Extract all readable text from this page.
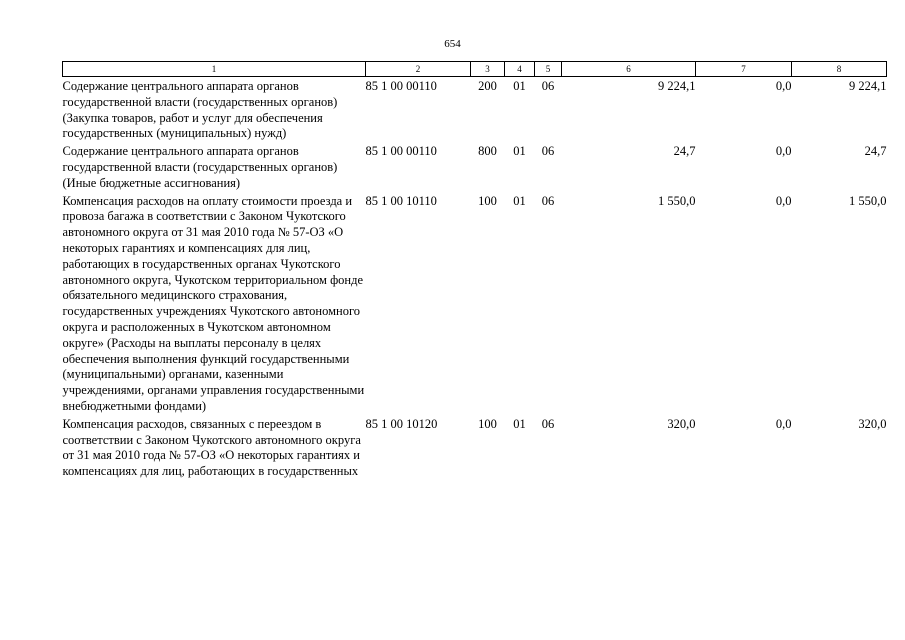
654
1	2	3	4	5	6	7	8
Содержание центрального аппарата органов государственной власти (государственных органов) (Закупка товаров, работ и услуг для обеспечения государственных (муниципальных) нужд)	85 1 00 00110	200	01	06	9 224,1	0,0	9 224,1
Содержание центрального аппарата органов государственной власти (государственных органов) (Иные бюджетные ассигнования)	85 1 00 00110	800	01	06	24,7	0,0	24,7
Компенсация расходов на оплату стоимости проезда и провоза багажа в соответствии с Законом Чукотского автономного округа от 31 мая 2010 года № 57-ОЗ «О некоторых гарантиях и компенсациях для лиц, работающих в государственных органах Чукотского автономного округа, Чукотском территориальном фонде обязательного медицинского страхования, государственных учреждениях Чукотского автономного округа и расположенных в Чукотском автономном округе» (Расходы на выплаты персоналу в целях обеспечения выполнения функций государственными (муниципальными) органами, казенными учреждениями, органами управления государственными внебюджетными фондами)	85 1 00 10110	100	01	06	1 550,0	0,0	1 550,0
Компенсация расходов, связанных с переездом в соответствии с Законом Чукотского автономного округа от 31 мая 2010 года № 57-ОЗ «О некоторых гарантиях и компенсациях для лиц, работающих в государственных	85 1 00 10120	100	01	06	320,0	0,0	320,0
